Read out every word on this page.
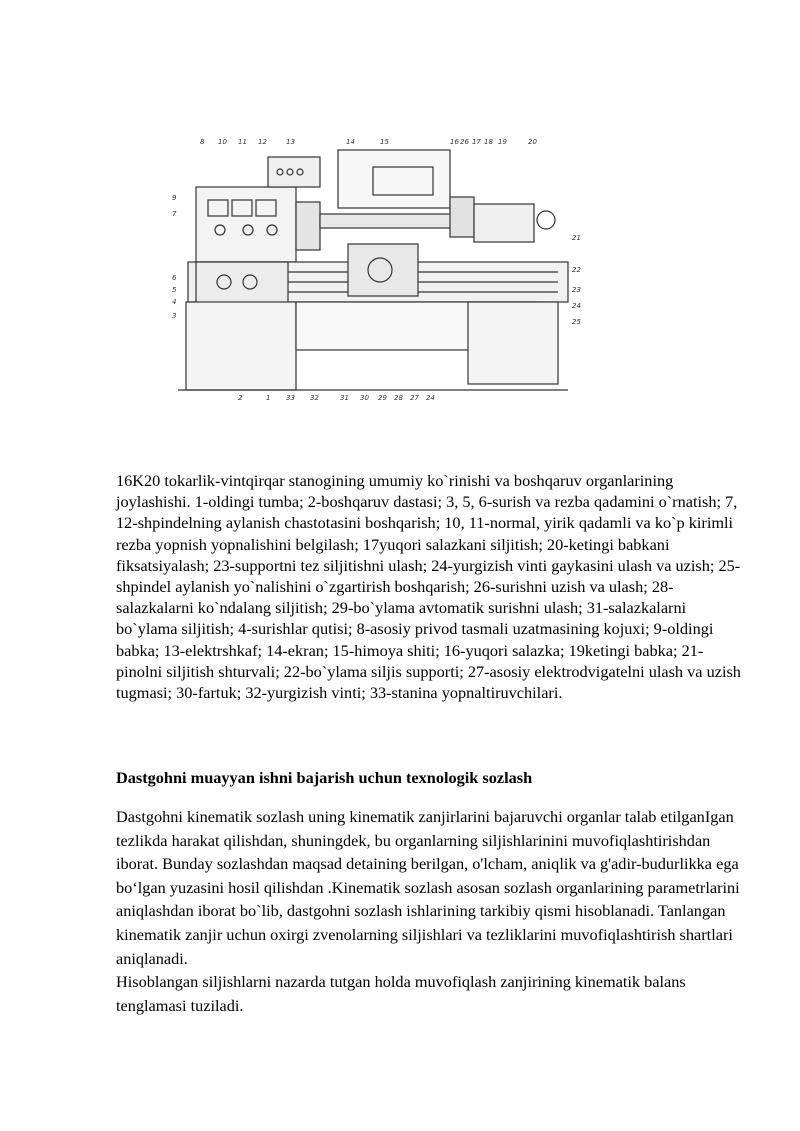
8 10 11 12	13	14	15	16 26 17 18 19	20
9
7
6
5
4
3
21
22
23
24
25
2	1 33 32	31 30 29 28 27 24

16K20 tokarlik-vintqirqar stanogining umumiy ko`rinishi va boshqaruv organlarining joylashishi. 1-oldingi tumba; 2-boshqaruv dastasi; 3, 5, 6-surish va rezba qadamini o`rnatish; 7, 12-shpindelning aylanish chastotasini boshqarish; 10, 11-normal, yirik qadamli va ko`p kirimli rezba yopnish yopnalishini belgilash; 17yuqori salazkani siljitish; 20-ketingi babkani fiksatsiyalash; 23-supportni tez siljitishni ulash; 24-yurgizish vinti gaykasini ulash va uzish; 25-shpindel aylanish yo`nalishini o`zgartirish boshqarish; 26-surishni uzish va ulash; 28-salazkalarni ko`ndalang siljitish; 29-bo`ylama avtomatik surishni ulash; 31-salazkalarni bo`ylama siljitish; 4-surishlar qutisi; 8-asosiy privod tasmali uzatmasining kojuxi; 9-oldingi babka; 13-elektrshkaf; 14-ekran; 15-himoya shiti; 16-yuqori salazka; 19ketingi babka; 21-pinolni siljitish shturvali; 22-bo`ylama siljis supporti; 27-asosiy elektrodvigatelni ulash va uzish tugmasi; 30-fartuk; 32-yurgizish vinti; 33-stanina yopnaltiruvchilari.

Dastgohni muayyan ishni bajarish uchun texnologik sozlash

Dastgohni kinematik sozlash uning kinematik zanjirlarini bajaruvchi organlar talab etilganIgan tezlikda harakat qilishdan, shuningdek, bu organlarning siljishlarinini muvofiqlashtirishdan iborat. Bunday sozlashdan maqsad detaining berilgan, o'lcham, aniqlik va g'adir-budurlikka ega bo‘lgan yuzasini hosil qilishdan .Kinematik sozlash asosan sozlash organlarining parametrlarini aniqlashdan iborat bo`lib, dastgohni sozlash ishlarining tarkibiy qismi hisoblanadi. Tanlangan kinematik zanjir uchun oxirgi zvenolarning siljishlari va tezliklarini muvofiqlashtirish shartlari aniqlanadi.

Hisoblangan siljishlarni nazarda tutgan holda muvofiqlash zanjirining kinematik balans tenglamasi tuziladi.
